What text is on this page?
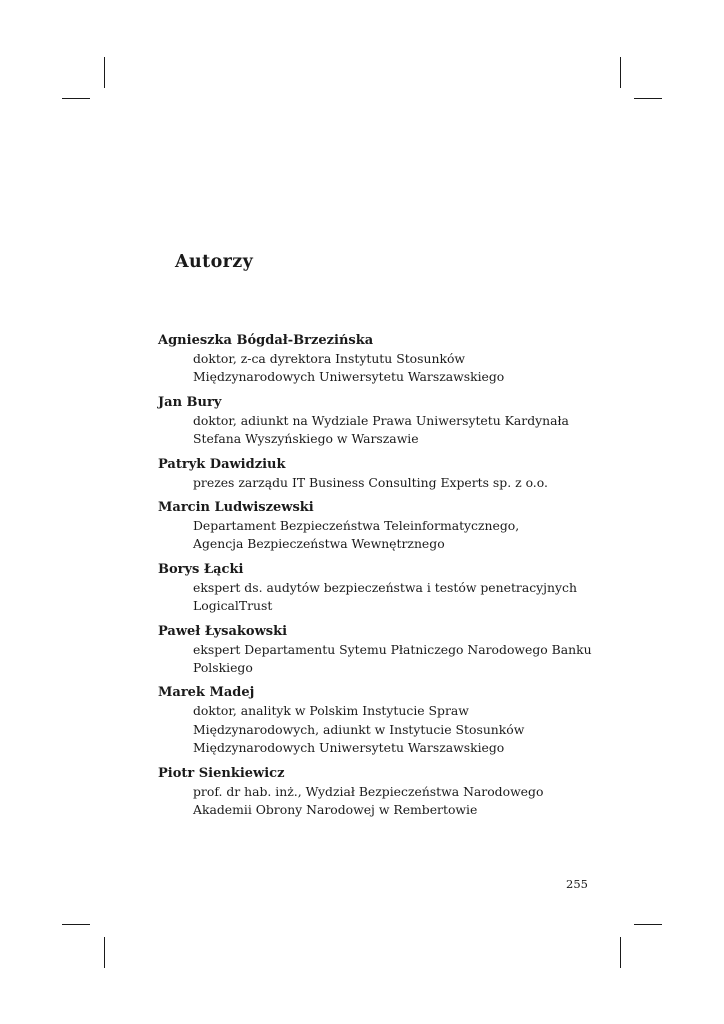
Autorzy
Agnieszka Bógdał-Brzezińska
doktor, z-ca dyrektora Instytutu Stosunków
Międzynarodowych Uniwersytetu Warszawskiego
Jan Bury
doktor, adiunkt na Wydziale Prawa Uniwersytetu Kardynała
Stefana Wyszyńskiego w Warszawie
Patryk Dawidziuk
prezes zarządu IT Business Consulting Experts sp. z o.o.
Marcin Ludwiszewski
Departament Bezpieczeństwa Teleinformatycznego,
Agencja Bezpieczeństwa Wewnętrznego
Borys Łącki
ekspert ds. audytów bezpieczeństwa i testów penetracyjnych
LogicalTrust
Paweł Łysakowski
ekspert Departamentu Sytemu Płatniczego Narodowego Banku
Polskiego
Marek Madej
doktor, analityk w Polskim Instytucie Spraw
Międzynarodowych, adiunkt w Instytucie Stosunków
Międzynarodowych Uniwersytetu Warszawskiego
Piotr Sienkiewicz
prof. dr hab. inż., Wydział Bezpieczeństwa Narodowego
Akademii Obrony Narodowej w Rembertowie
255
